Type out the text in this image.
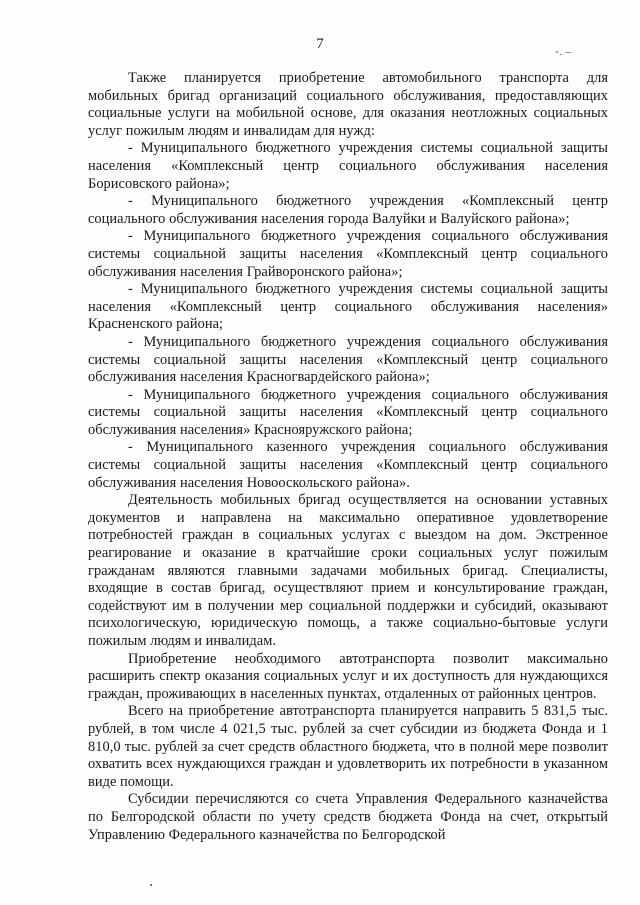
7	-. –

Также планируется приобретение автомобильного транспорта для мобильных бригад организаций социального обслуживания, предоставляющих социальные услуги на мобильной основе, для оказания неотложных социальных услуг пожилым людям и инвалидам для нужд:

- Муниципального бюджетного учреждения системы социальной защиты населения «Комплексный центр социального обслуживания населения Борисовского района»;

- Муниципального бюджетного учреждения «Комплексный центр социального обслуживания населения города Валуйки и Валуйского района»;

- Муниципального бюджетного учреждения социального обслуживания системы социальной защиты населения «Комплексный центр социального обслуживания населения Грайворонского района»;

- Муниципального бюджетного учреждения системы социальной защиты населения «Комплексный центр социального обслуживания населения» Красненского района;

- Муниципального бюджетного учреждения социального обслуживания системы социальной защиты населения «Комплексный центр социального обслуживания населения Красногвардейского района»;

- Муниципального бюджетного учреждения социального обслуживания системы социальной защиты населения «Комплексный центр социального обслуживания населения» Краснояружского района;

- Муниципального казенного учреждения социального обслуживания системы социальной защиты населения «Комплексный центр социального обслуживания населения Новооскольского района».

Деятельность мобильных бригад осуществляется на основании уставных документов и направлена на максимально оперативное удовлетворение потребностей граждан в социальных услугах с выездом на дом. Экстренное реагирование и оказание в кратчайшие сроки социальных услуг пожилым гражданам являются главными задачами мобильных бригад. Специалисты, входящие в состав бригад, осуществляют прием и консультирование граждан, содействуют им в получении мер социальной поддержки и субсидий, оказывают психологическую, юридическую помощь, а также социально-бытовые услуги пожилым людям и инвалидам.

Приобретение необходимого автотранспорта позволит максимально расширить спектр оказания социальных услуг и их доступность для нуждающихся граждан, проживающих в населенных пунктах, отдаленных от районных центров.

Всего на приобретение автотранспорта планируется направить 5 831,5 тыс. рублей, в том числе 4 021,5 тыс. рублей за счет субсидии из бюджета Фонда и 1 810,0 тыс. рублей за счет средств областного бюджета, что в полной мере позволит охватить всех нуждающихся граждан и удовлетворить их потребности в указанном виде помощи.

Субсидии перечисляются со счета Управления Федерального казначейства по Белгородской области по учету средств бюджета Фонда на счет, открытый Управлению Федерального казначейства по Белгородской
